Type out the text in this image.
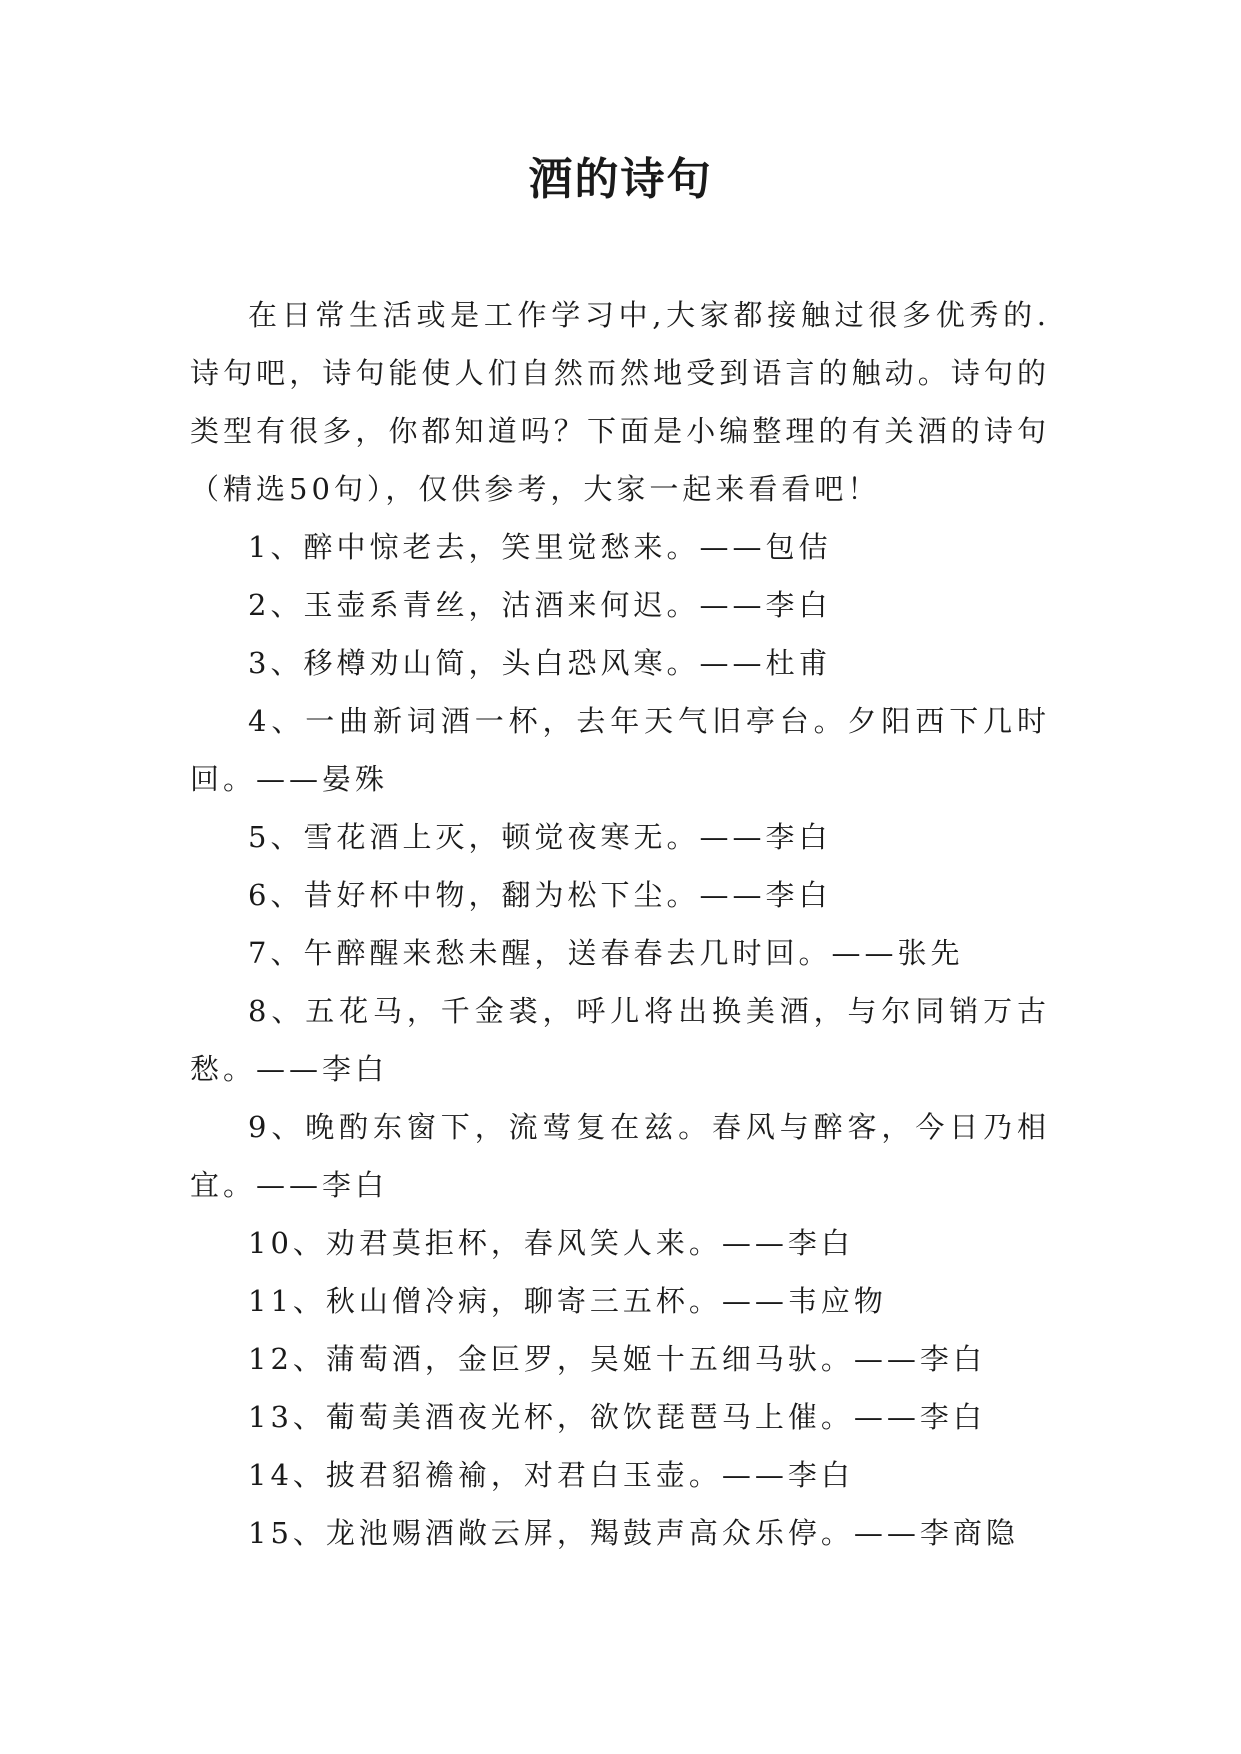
酒的诗句

在日常生活或是工作学习中,大家都接触过很多优秀的.诗句吧，诗句能使人们自然而然地受到语言的触动。诗句的类型有很多，你都知道吗？下面是小编整理的有关酒的诗句（精选50句），仅供参考，大家一起来看看吧！

1、醉中惊老去，笑里觉愁来。——包佶

2、玉壶系青丝，沽酒来何迟。——李白

3、移樽劝山简，头白恐风寒。——杜甫

4、一曲新词酒一杯，去年天气旧亭台。夕阳西下几时回。——晏殊

5、雪花酒上灭，顿觉夜寒无。——李白

6、昔好杯中物，翻为松下尘。——李白

7、午醉醒来愁未醒，送春春去几时回。——张先

8、五花马，千金裘，呼儿将出换美酒，与尔同销万古愁。——李白

9、晚酌东窗下，流莺复在兹。春风与醉客，今日乃相宜。——李白

10、劝君莫拒杯，春风笑人来。——李白

11、秋山僧冷病，聊寄三五杯。——韦应物

12、蒲萄酒，金叵罗，吴姬十五细马驮。——李白

13、葡萄美酒夜光杯，欲饮琵琶马上催。——李白

14、披君貂襜褕，对君白玉壶。——李白

15、龙池赐酒敞云屏，羯鼓声高众乐停。——李商隐
